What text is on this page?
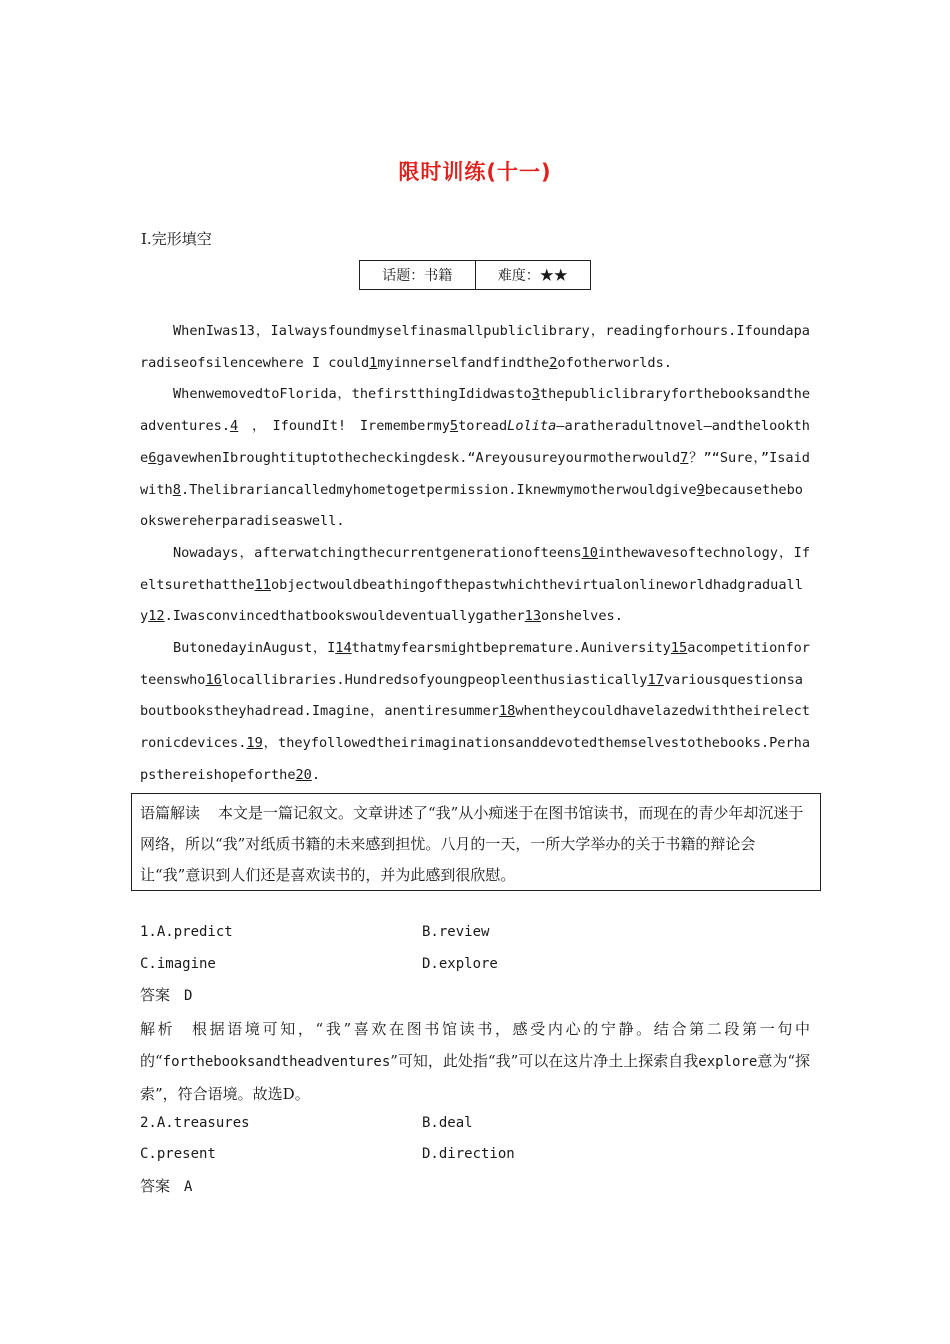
限时训练(十一)
Ⅰ.完形填空
话题：书籍	难度：★★

WhenIwas13，Ialwaysfoundmyselfinasmallpubliclibrary，readingforhours.Ifoundaparadiseofsilencewhere I could1myinnerselfandfindthe2ofotherworlds.

WhenwemovedtoFlorida，thefirstthingIdidwasto3thepubliclibraryforthebooksandtheadventures.4　，　IfoundIt!　Iremembermy5toreadLolita—aratheradultnovel—andthelookthe6gavewhenIbroughtituptothecheckingdesk.“Areyousureyourmotherwould7？”“Sure，”Isaidwith8.Thelibrariancalledmyhometogetpermission.Iknewmymotherwouldgive9becausethebookswereherparadiseaswell.

Nowadays，afterwatchingthecurrentgenerationofteens10inthewavesoftechnology，Ifeltsurethatthe11objectwouldbeathingofthepastwhichthevirtualonlineworldhadgradually12.Iwasconvincedthatbookswouldeventuallygather13onshelves.

ButonedayinAugust，I14thatmyfearsmightbepremature.Auniversity15acompetitionforteenswho16locallibraries.Hundredsofyoungpeopleenthusiastically17variousquestionsaboutbookstheyhadread.Imagine，anentiresummer18whentheycouldhavelazedwiththeirelectronicdevices.19，theyfollowedtheirimaginationsanddevotedthemselvestothebooks.Perhapsthereishopeforthe20.

语篇解读 本文是一篇记叙文。文章讲述了“我”从小痴迷于在图书馆读书，而现在的青少年却沉迷于网络，所以“我”对纸质书籍的未来感到担忧。八月的一天，一所大学举办的关于书籍的辩论会让“我”意识到人们还是喜欢读书的，并为此感到很欣慰。
1.A.predict	B.review
C.imagine	D.explore
答案 D
解析 根据语境可知，“我”喜欢在图书馆读书，感受内心的宁静。结合第二段第一句中的“forthebooksandtheadventures”可知，此处指“我”可以在这片净土上探索自我explore意为“探索”，符合语境。故选D。
2.A.treasures	B.deal
C.present	D.direction
答案 A
